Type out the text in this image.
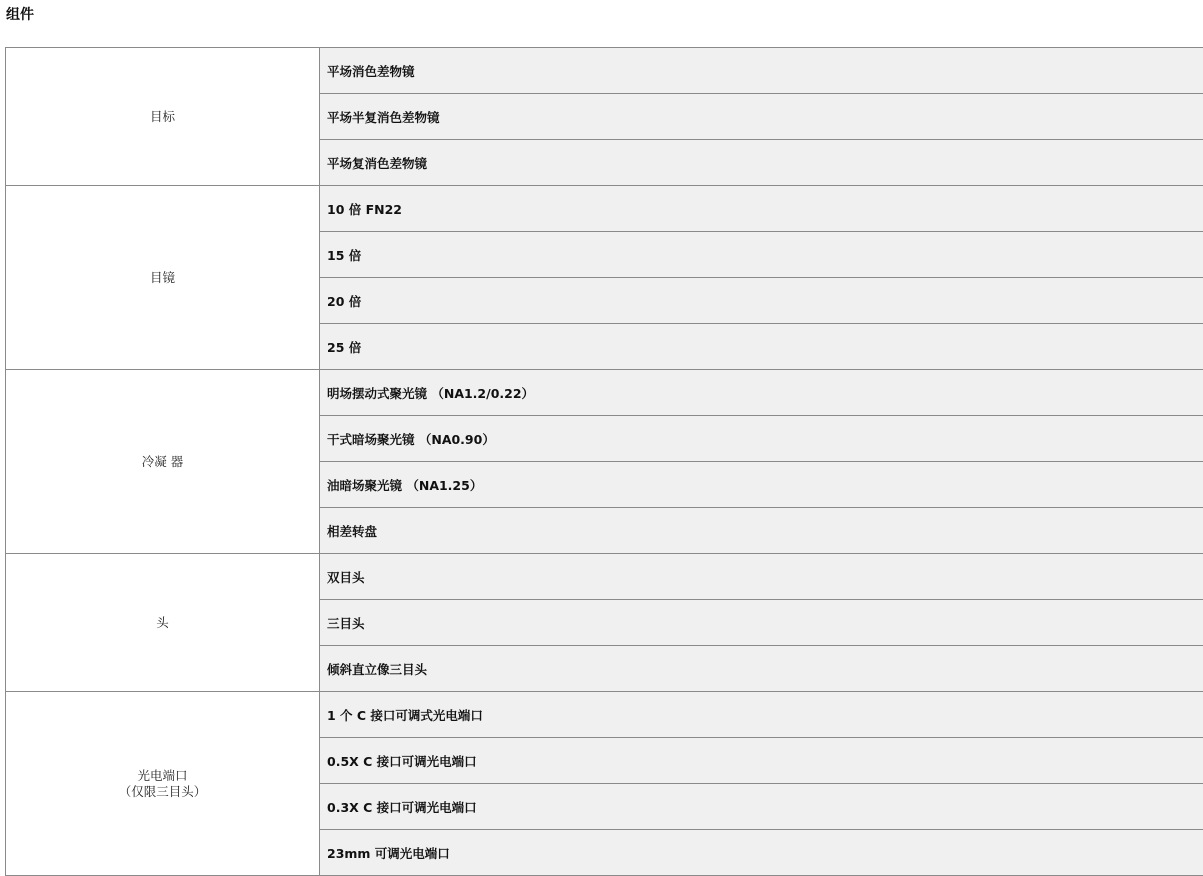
组件
目标	平场消色差物镜
	平场半复消色差物镜
	平场复消色差物镜

目镜	10 倍 FN22
	15 倍
	20 倍
	25 倍

冷凝 器	明场摆动式聚光镜 （NA1.2/0.22）
	干式暗场聚光镜 （NA0.90）
	油暗场聚光镜 （NA1.25）
	相差转盘

头	双目头
	三目头
	倾斜直立像三目头

光电端口
（仅限三目头）	1 个 C 接口可调式光电端口
	0.5X C 接口可调光电端口
	0.3X C 接口可调光电端口
	23mm 可调光电端口
